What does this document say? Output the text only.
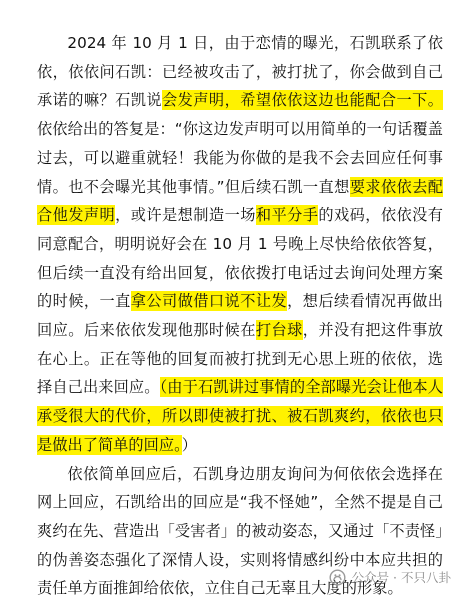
2024 年 10 月 1 日，由于恋情的曝光，石凯联系了依依，依依问石凯：已经被攻击了，被打扰了，你会做到自己承诺的嘛？石凯说会发声明，希望依依这边也能配合一下。依依给出的答复是：“你这边发声明可以用简单的一句话覆盖过去，可以避重就轻！我能为你做的是我不会去回应任何事情。也不会曝光其他事情。”但后续石凯一直想要求依依去配合他发声明，或许是想制造一场和平分手的戏码，依依没有同意配合，明明说好会在 10 月 1 号晚上尽快给依依答复，但后续一直没有给出回复，依依拨打电话过去询问处理方案的时候，一直拿公司做借口说不让发，想后续看情况再做出回应。后来依依发现他那时候在打台球，并没有把这件事放在心上。正在等他的回复而被打扰到无心思上班的依依，选择自己出来回应。（由于石凯讲过事情的全部曝光会让他本人承受很大的代价，所以即使被打扰、被石凯爽约，依依也只是做出了简单的回应。）

依依简单回应后，石凯身边朋友询问为何依依会选择在网上回应，石凯给出的回应是“我不怪她”，全然不提是自己爽约在先、营造出「受害者」的被动姿态，又通过「不责怪」的伪善姿态强化了深情人设，实则将情感纠纷中本应共担的责任单方面推卸给依依，立住自己无辜且大度的形象。

公众号 · 不只八卦
